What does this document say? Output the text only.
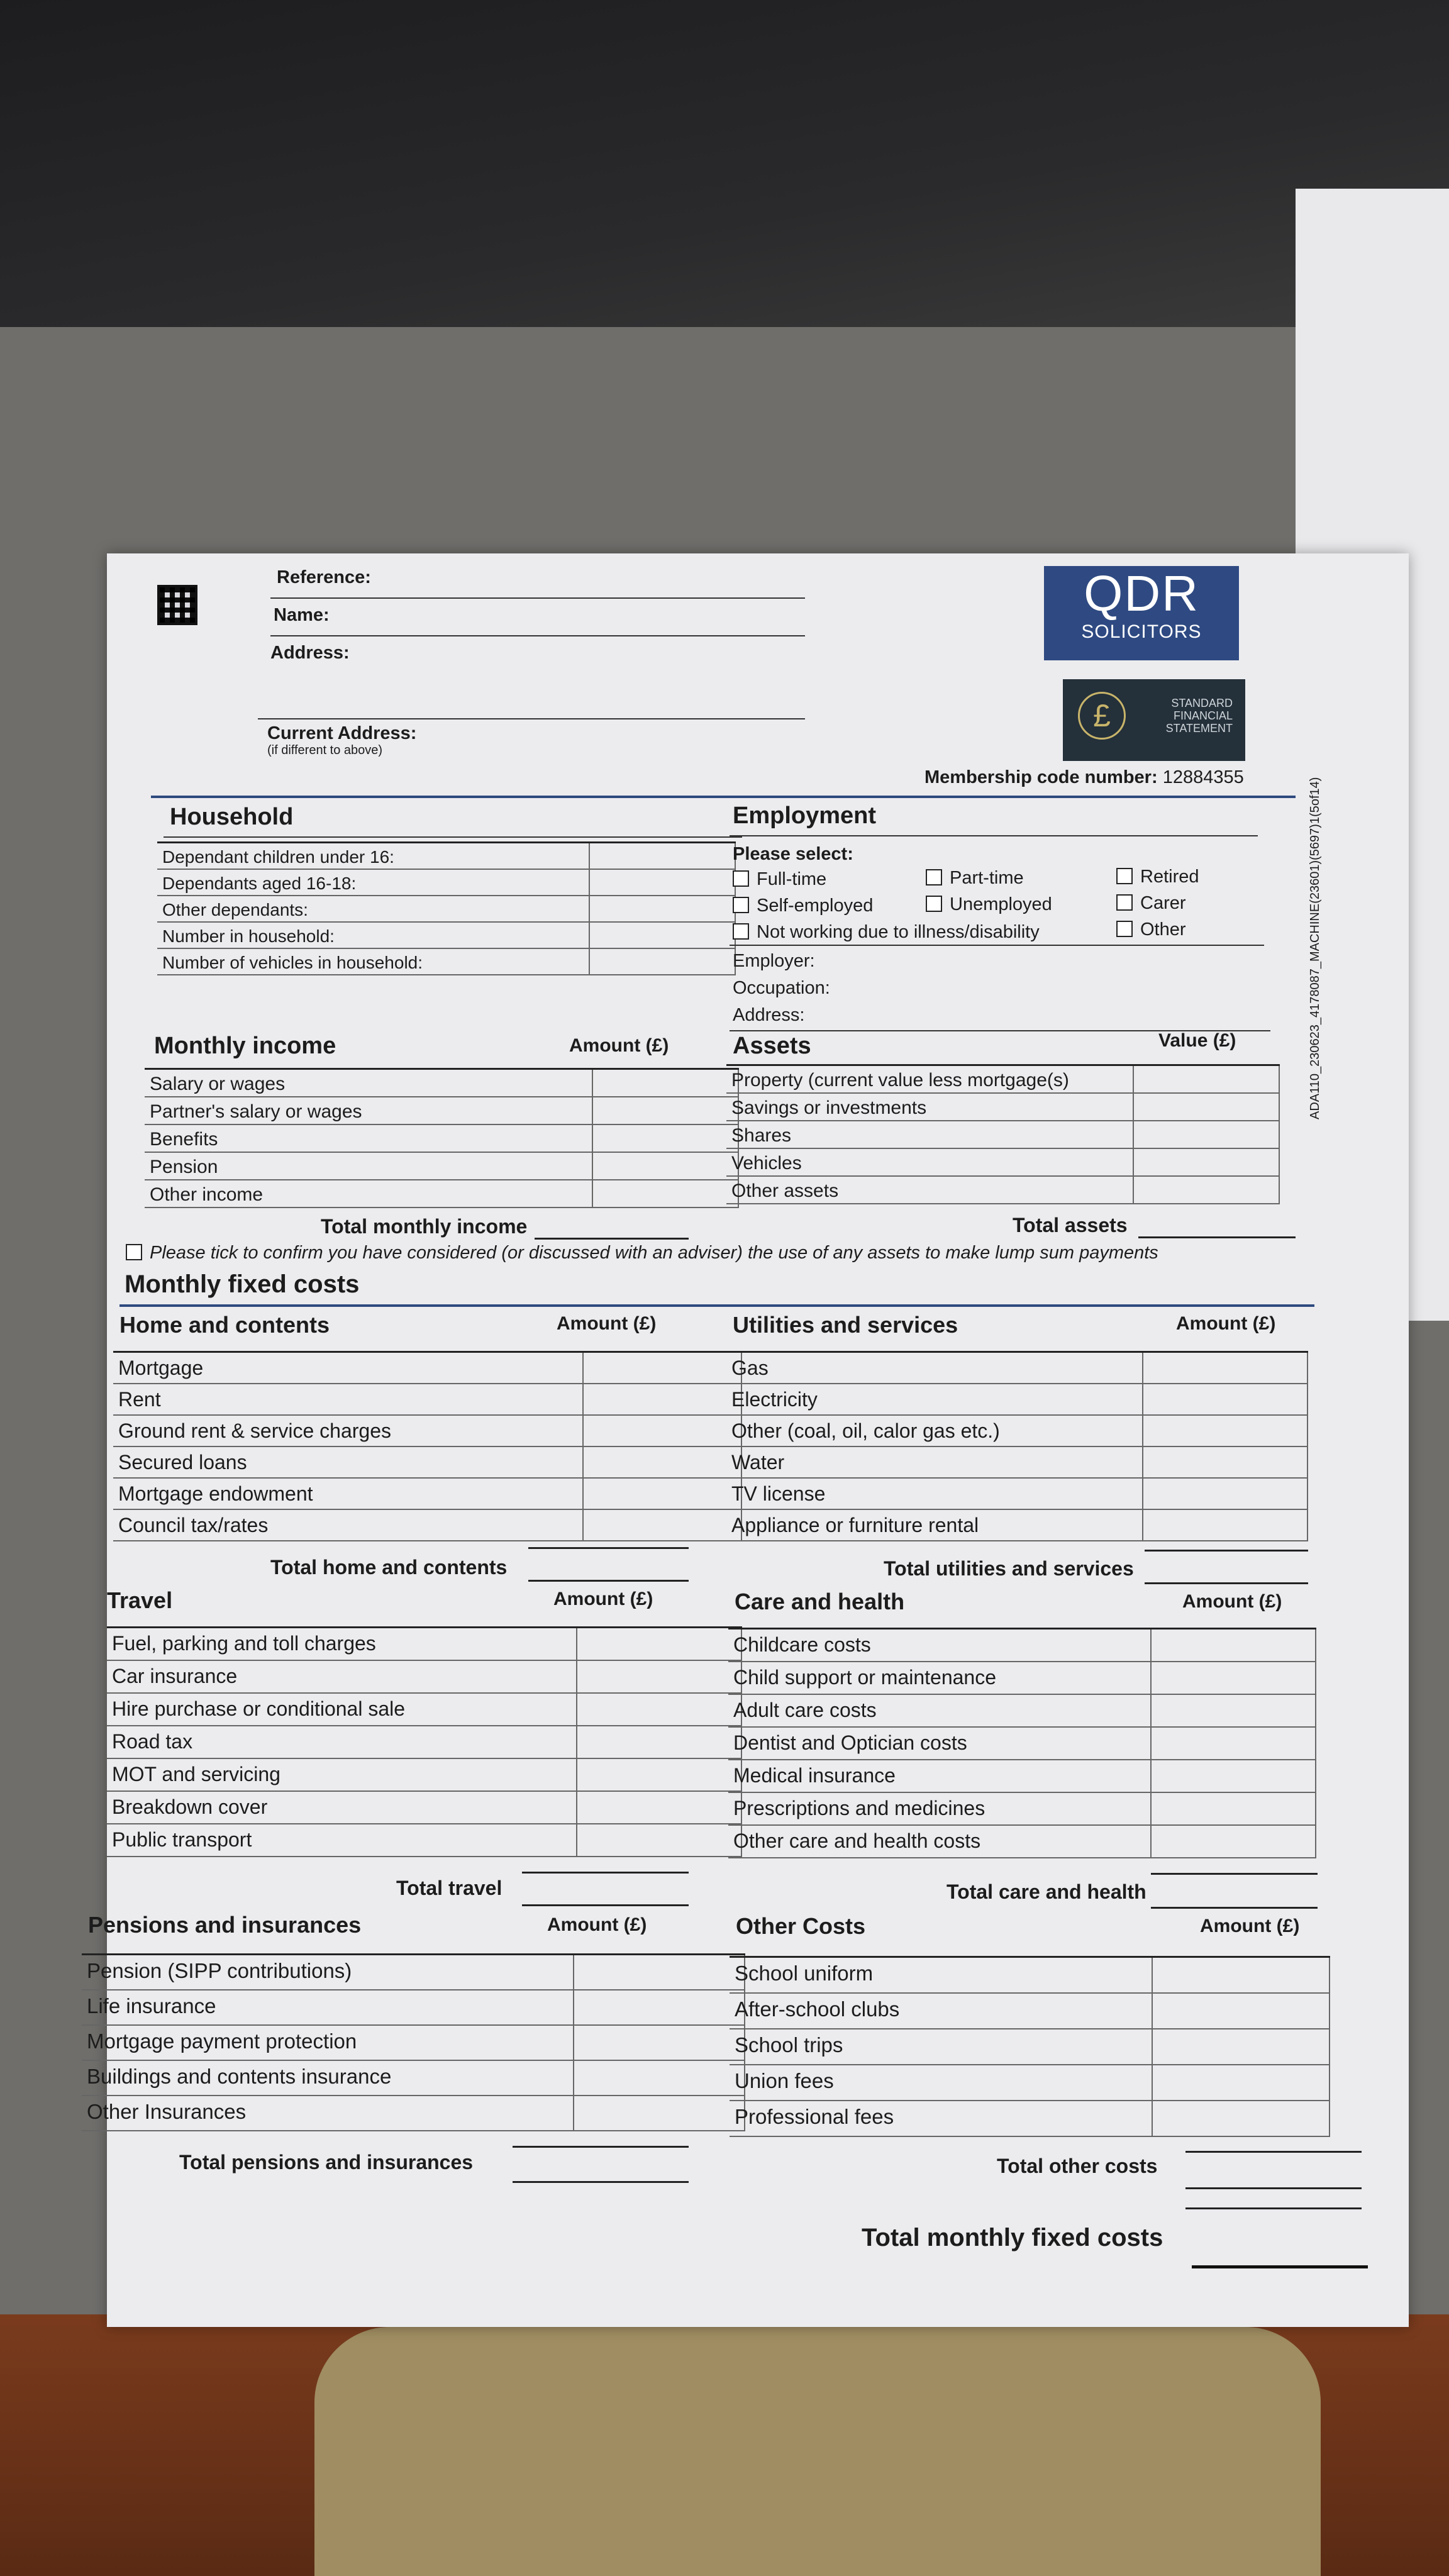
Reference:
Name:
Address:
Current Address:
(if different to above)
QDR
SOLICITORS
£	STANDARD
FINANCIAL
STATEMENT
Membership code number: 12884355
Household
Dependant children under 16:
Dependants aged 16-18:
Other dependants:
Number in household:
Number of vehicles in household:
Employment
Please select:
Full-time	Part-time	Retired
Self-employed	Unemployed	Carer
Not working due to illness/disability	Other
Employer:
Occupation:
Address:
Monthly income	Amount (£)
Salary or wages
Partner's salary or wages
Benefits
Pension
Other income
Total monthly income
Assets	Value (£)
Property (current value less mortgage(s)
Savings or investments
Shares
Vehicles
Other assets
Total assets
Please tick to confirm you have considered (or discussed with an adviser) the use of any assets to make lump sum payments
Monthly fixed costs
Home and contents	Amount (£)
Mortgage
Rent
Ground rent & service charges
Secured loans
Mortgage endowment
Council tax/rates
Total home and contents
Utilities and services	Amount (£)
Gas
Electricity
Other (coal, oil, calor gas etc.)
Water
TV license
Appliance or furniture rental
Total utilities and services
Travel	Amount (£)
Fuel, parking and toll charges
Car insurance
Hire purchase or conditional sale
Road tax
MOT and servicing
Breakdown cover
Public transport
Total travel
Care and health	Amount (£)
Childcare costs
Child support or maintenance
Adult care costs
Dentist and Optician costs
Medical insurance
Prescriptions and medicines
Other care and health costs
Total care and health
Pensions and insurances	Amount (£)
Pension (SIPP contributions)
Life insurance
Mortgage payment protection
Buildings and contents insurance
Other Insurances
Total pensions and insurances
Other Costs	Amount (£)
School uniform
After-school clubs
School trips
Union fees
Professional fees
Total other costs
Total monthly fixed costs
ADA110_230623_4178087_MACHINE(23601)(5697)1(5of14)
